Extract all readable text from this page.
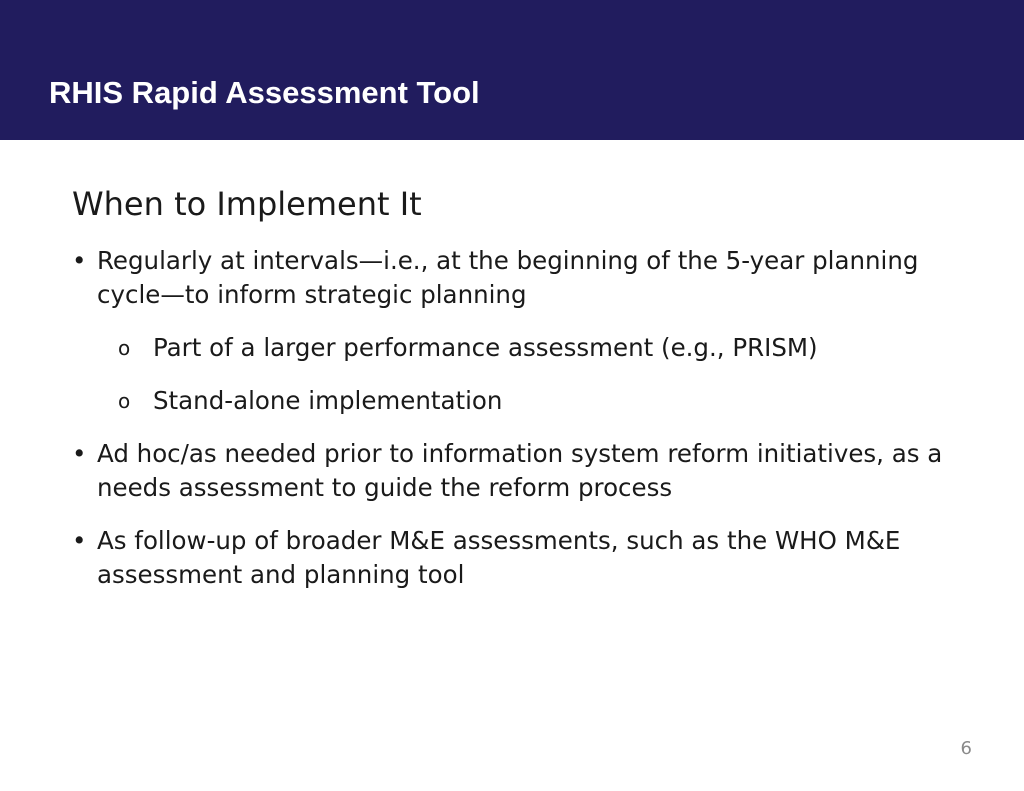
RHIS Rapid Assessment Tool
When to Implement It
• Regularly at intervals—i.e., at the beginning of the 5-year planning cycle—to inform strategic planning
o Part of a larger performance assessment (e.g., PRISM)
o Stand-alone implementation
• Ad hoc/as needed prior to information system reform initiatives, as a needs assessment to guide the reform process
• As follow-up of broader M&E assessments, such as the WHO M&E assessment and planning tool
6
